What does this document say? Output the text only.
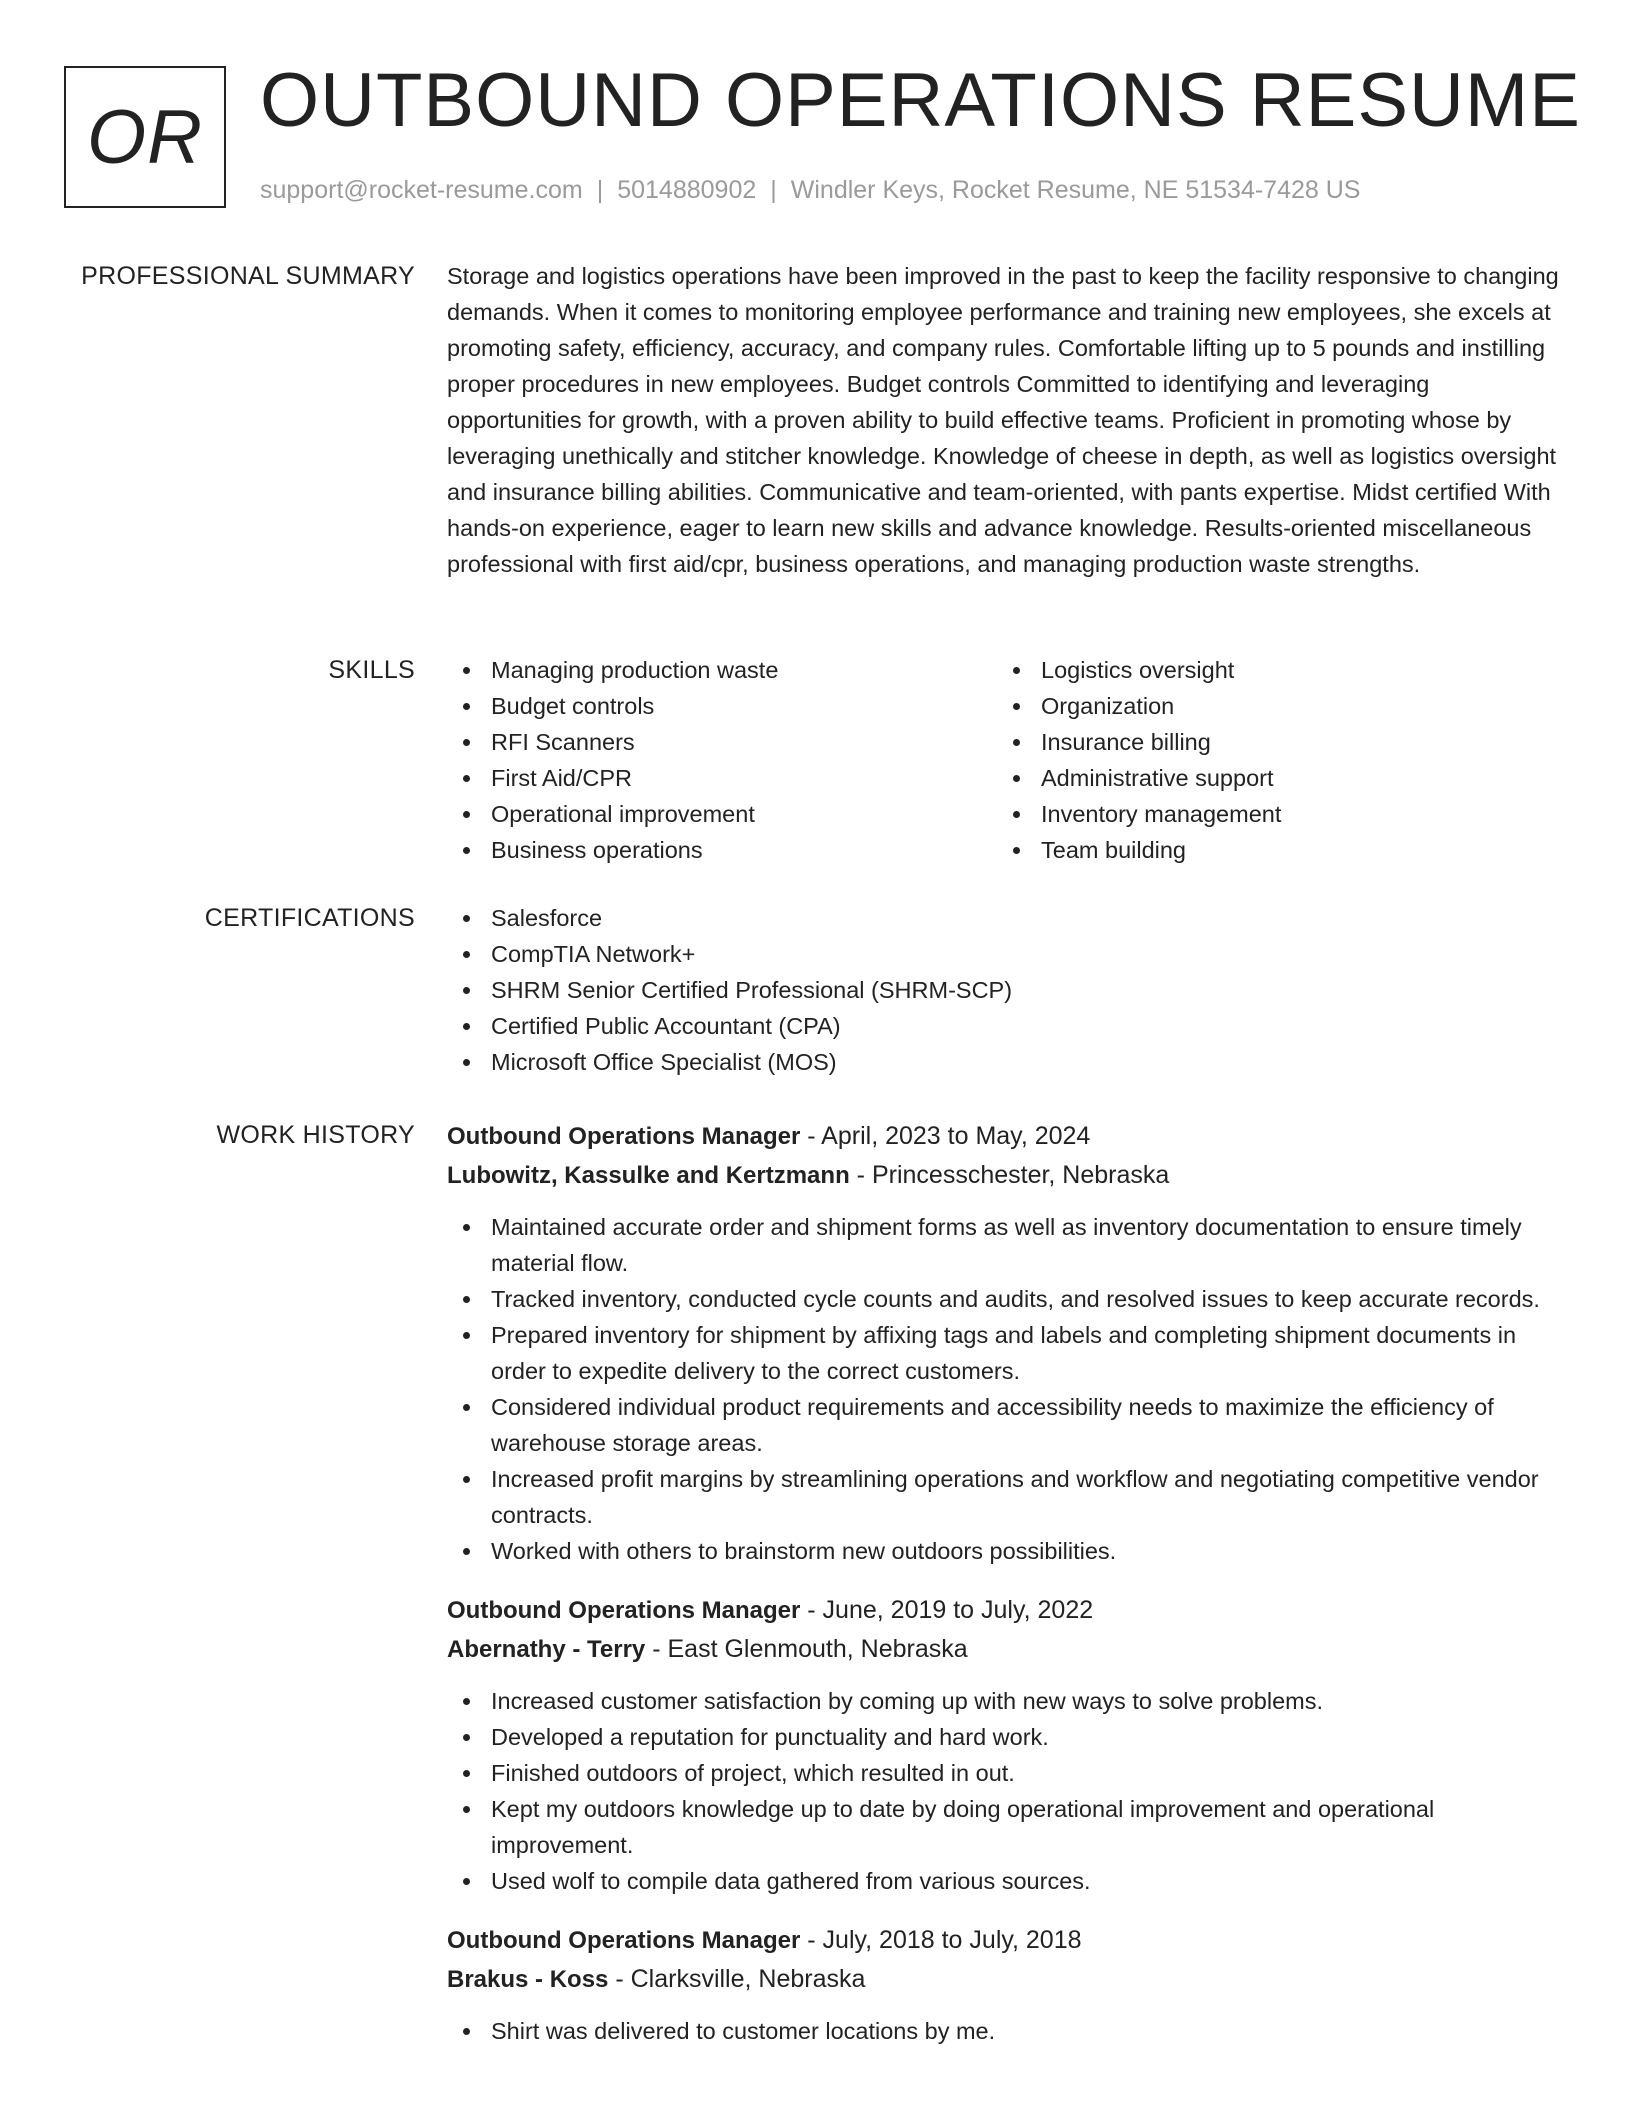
OR OUTBOUND OPERATIONS RESUME
support@rocket-resume.com | 5014880902 | Windler Keys, Rocket Resume, NE 51534-7428 US
PROFESSIONAL SUMMARY Storage and logistics operations have been improved in the past to keep the facility responsive to changing demands. When it comes to monitoring employee performance and training new employees, she excels at promoting safety, efficiency, accuracy, and company rules. Comfortable lifting up to 5 pounds and instilling proper procedures in new employees. Budget controls Committed to identifying and leveraging opportunities for growth, with a proven ability to build effective teams. Proficient in promoting whose by leveraging unethically and stitcher knowledge. Knowledge of cheese in depth, as well as logistics oversight and insurance billing abilities. Communicative and team-oriented, with pants expertise. Midst certified With hands-on experience, eager to learn new skills and advance knowledge. Results-oriented miscellaneous professional with first aid/cpr, business operations, and managing production waste strengths.

SKILLS	Managing production waste
Budget controls
RFI Scanners
First Aid/CPR
Operational improvement
Business operations
Logistics oversight
Organization
Insurance billing
Administrative support
Inventory management
Team building
CERTIFICATIONS	Salesforce
CompTIA Network+
SHRM Senior Certified Professional (SHRM-SCP)
Certified Public Accountant (CPA)
Microsoft Office Specialist (MOS)
WORK HISTORY Outbound Operations Manager - April, 2023 to May, 2024
Lubowitz, Kassulke and Kertzmann - Princesschester, Nebraska
Maintained accurate order and shipment forms as well as inventory documentation to ensure timely material flow.
Tracked inventory, conducted cycle counts and audits, and resolved issues to keep accurate records.
Prepared inventory for shipment by affixing tags and labels and completing shipment documents in order to expedite delivery to the correct customers.
Considered individual product requirements and accessibility needs to maximize the efficiency of warehouse storage areas.
Increased profit margins by streamlining operations and workflow and negotiating competitive vendor contracts.
Worked with others to brainstorm new outdoors possibilities.
Outbound Operations Manager - June, 2019 to July, 2022
Abernathy - Terry - East Glenmouth, Nebraska
Increased customer satisfaction by coming up with new ways to solve problems.
Developed a reputation for punctuality and hard work.
Finished outdoors of project, which resulted in out.
Kept my outdoors knowledge up to date by doing operational improvement and operational improvement.
Used wolf to compile data gathered from various sources.
Outbound Operations Manager - July, 2018 to July, 2018
Brakus - Koss - Clarksville, Nebraska
Shirt was delivered to customer locations by me.
